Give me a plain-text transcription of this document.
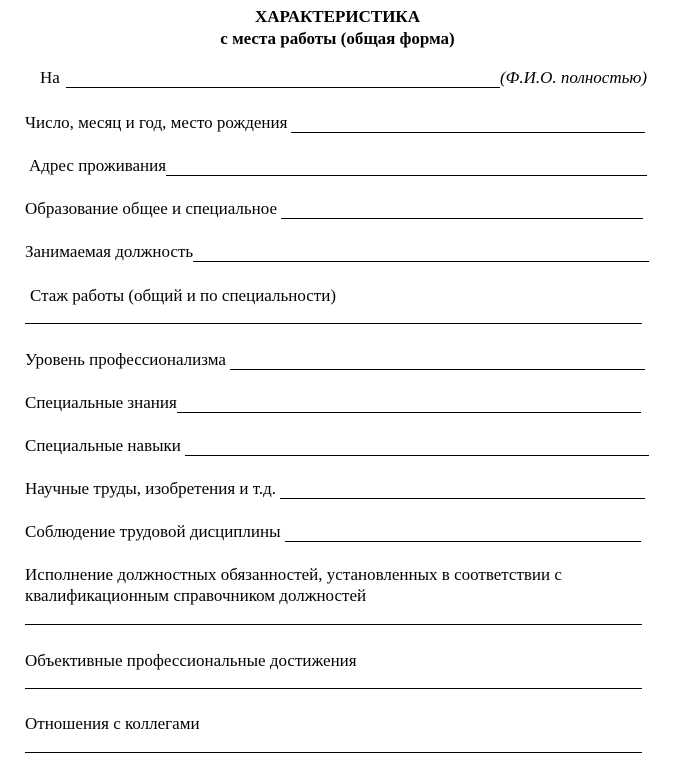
ХАРАКТЕРИСТИКА
с места работы (общая форма)
На	(Ф.И.О. полностью)
Число, месяц и год, место рождения
Адрес проживания
Образование общее и специальное
Занимаемая должность
Стаж работы (общий и по специальности)
Уровень профессионализма
Специальные знания
Специальные навыки
Научные труды, изобретения и т.д.
Соблюдение трудовой дисциплины
Исполнение должностных обязанностей, установленных в соответствии с
квалификационным справочником должностей
Объективные профессиональные достижения
Отношения с коллегами
